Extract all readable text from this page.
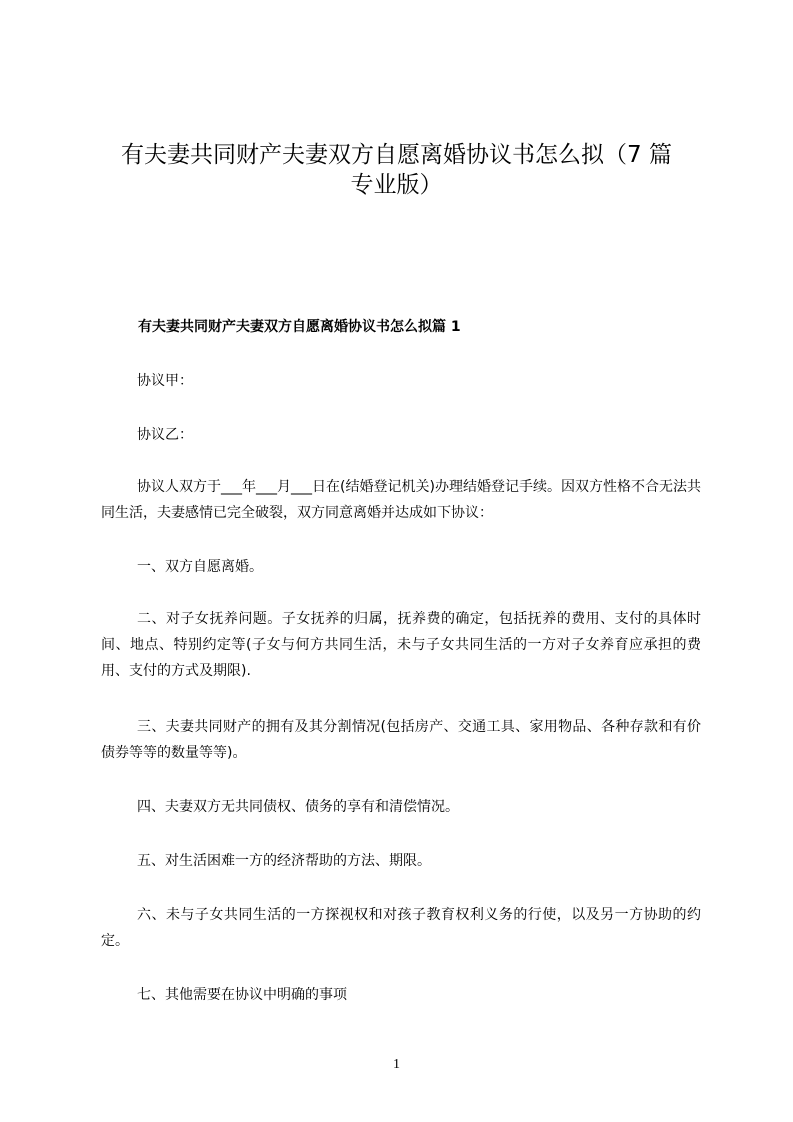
有夫妻共同财产夫妻双方自愿离婚协议书怎么拟（7 篇
专业版）
有夫妻共同财产夫妻双方自愿离婚协议书怎么拟篇 1

协议甲：

协议乙：

协议人双方于___年___月___日在(结婚登记机关)办理结婚登记手续。因双方性格不合无法共同生活，夫妻感情已完全破裂，双方同意离婚并达成如下协议：

一、双方自愿离婚。

二、对子女抚养问题。子女抚养的归属，抚养费的确定，包括抚养的费用、支付的具体时间、地点、特别约定等(子女与何方共同生活，未与子女共同生活的一方对子女养育应承担的费用、支付的方式及期限).

三、夫妻共同财产的拥有及其分割情况(包括房产、交通工具、家用物品、各种存款和有价债券等等的数量等等)。

四、夫妻双方无共同债权、债务的享有和清偿情况。

五、对生活困难一方的经济帮助的方法、期限。

六、未与子女共同生活的一方探视权和对孩子教育权利义务的行使，以及另一方协助的约定。

七、其他需要在协议中明确的事项

1
